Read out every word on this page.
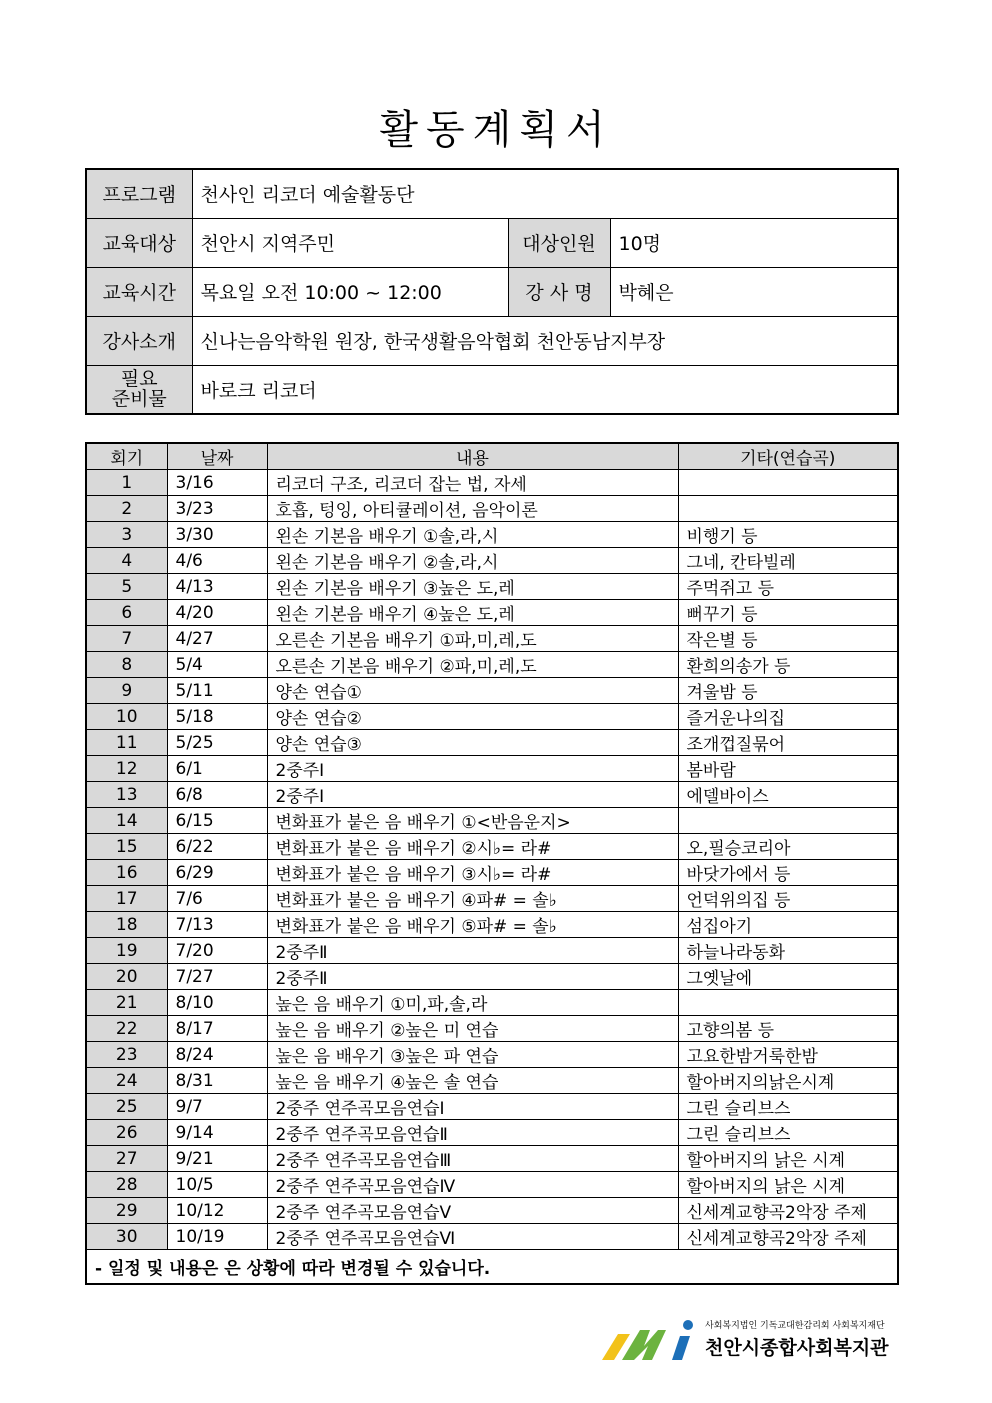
활동계획서
프로그램	천사인 리코더 예술활동단		
교육대상	천안시 지역주민	대상인원	10명
교육시간	목요일 오전 10:00 ~ 12:00	강 사 명	박혜은
강사소개	신나는음악학원 원장, 한국생활음악협회 천안동남지부장		

필요
준비물	바로크 리코더		
회기	날짜	내용	기타(연습곡)
1	3/16	리코더 구조, 리코더 잡는 법, 자세	
2	3/23	호흡, 텅잉, 아티큘레이션, 음악이론	
3	3/30	왼손 기본음 배우기 ①솔,라,시	비행기 등
4	4/6	왼손 기본음 배우기 ②솔,라,시	그네, 칸타빌레
5	4/13	왼손 기본음 배우기 ③높은 도,레	주먹쥐고 등
6	4/20	왼손 기본음 배우기 ④높은 도,레	뻐꾸기 등
7	4/27	오른손 기본음 배우기 ①파,미,레,도	작은별 등
8	5/4	오른손 기본음 배우기 ②파,미,레,도	환희의송가 등
9	5/11	양손 연습①	겨울밤 등
10	5/18	양손 연습②	즐거운나의집
11	5/25	양손 연습③	조개껍질묶어
12	6/1	2중주Ⅰ	봄바람
13	6/8	2중주Ⅰ	에델바이스
14	6/15	변화표가 붙은 음 배우기 ①<반음운지>	
15	6/22	변화표가 붙은 음 배우기 ②시♭= 라#	오,필승코리아
16	6/29	변화표가 붙은 음 배우기 ③시♭= 라#	바닷가에서 등
17	7/6	변화표가 붙은 음 배우기 ④파# = 솔♭	언덕위의집 등
18	7/13	변화표가 붙은 음 배우기 ⑤파# = 솔♭	섬집아기
19	7/20	2중주Ⅱ	하늘나라동화
20	7/27	2중주Ⅱ	그옛날에
21	8/10	높은 음 배우기 ①미,파,솔,라	
22	8/17	높은 음 배우기 ②높은 미 연습	고향의봄 등
23	8/24	높은 음 배우기 ③높은 파 연습	고요한밤거룩한밤
24	8/31	높은 음 배우기 ④높은 솔 연습	할아버지의낡은시계
25	9/7	2중주 연주곡모음연습Ⅰ	그린 슬리브스
26	9/14	2중주 연주곡모음연습Ⅱ	그린 슬리브스
27	9/21	2중주 연주곡모음연습Ⅲ	할아버지의 낡은 시계
28	10/5	2중주 연주곡모음연습Ⅳ	할아버지의 낡은 시계
29	10/12	2중주 연주곡모음연습Ⅴ	신세계교향곡2악장 주제
30	10/19	2중주 연주곡모음연습Ⅵ	신세계교향곡2악장 주제
- 일정 및 내용은 은 상황에 따라 변경될 수 있습니다.			
사회복지법인 기독교대한감리회 사회복지재단
천안시종합사회복지관
